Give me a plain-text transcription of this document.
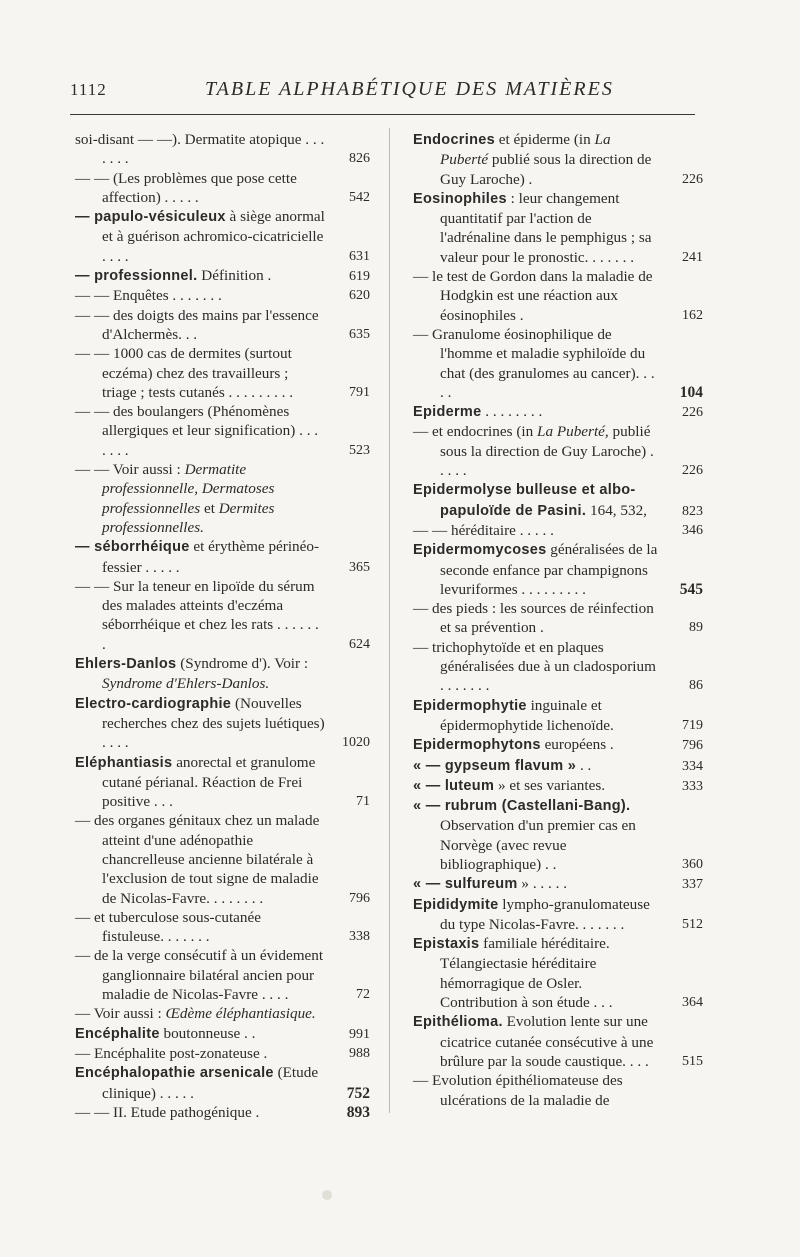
1112	TABLE ALPHABÉTIQUE DES MATIÈRES
soi-disant — —). Dermatite atopique . . . . . . .	826
— — (Les problèmes que pose cette affection) . . . . .	542
— papulo-vésiculeux à siège anormal et à guérison achromico-cicatricielle . . . .	631
— professionnel. Définition .	619
— — Enquêtes . . . . . . .	620
— — des doigts des mains par l'essence d'Alchermès. . .	635
— — 1000 cas de dermites (surtout eczéma) chez des travailleurs ; triage ; tests cutanés . . . . . . . . .	791
— — des boulangers (Phénomènes allergiques et leur signification) . . . . . . .	523
— — Voir aussi : Dermatite professionnelle, Dermatoses professionnelles et Dermites professionnelles.
— séborrhéique et érythème périnéo-fessier . . . . .	365
— — Sur la teneur en lipoïde du sérum des malades atteints d'eczéma séborrhéique et chez les rats . . . . . . .	624
Ehlers-Danlos (Syndrome d'). Voir : Syndrome d'Ehlers-Danlos.
Electro-cardiographie (Nouvelles recherches chez des sujets luétiques) . . . .	1020
Eléphantiasis anorectal et granulome cutané périanal. Réaction de Frei positive . . .	71
— des organes génitaux chez un malade atteint d'une adénopathie chancrelleuse ancienne bilatérale à l'exclusion de tout signe de maladie de Nicolas-Favre. . . . . . . .	796
— et tuberculose sous-cutanée fistuleuse. . . . . . .	338
— de la verge consécutif à un évidement ganglionnaire bilatéral ancien pour maladie de Nicolas-Favre . . . .	72
— Voir aussi : Œdème éléphantiasique.
Encéphalite boutonneuse . .	991
— Encéphalite post-zonateuse .	988
Encéphalopathie arsenicale (Etude clinique) . . . . .	752
— — II. Etude pathogénique .	893
Endocrines et épiderme (in La Puberté publié sous la direction de Guy Laroche) .	226
Eosinophiles : leur changement quantitatif par l'action de l'adrénaline dans le pemphigus ; sa valeur pour le pronostic. . . . . . .	241
— le test de Gordon dans la maladie de Hodgkin est une réaction aux éosinophiles .	162
— Granulome éosinophilique de l'homme et maladie syphiloïde du chat (des granulomes au cancer). . . . .	104
Epiderme . . . . . . . .	226
— et endocrines (in La Puberté, publié sous la direction de Guy Laroche) . . . . .	226
Epidermolyse bulleuse et albo-papuloïde de Pasini. 164, 532,	823
— — héréditaire . . . . .	346
Epidermomycoses généralisées de la seconde enfance par champignons levuriformes . . . . . . . . .	545
— des pieds : les sources de réinfection et sa prévention .	89
— trichophytoïde et en plaques généralisées due à un cladosporium . . . . . . .	86
Epidermophytie inguinale et épidermophytide lichenoïde.	719
Epidermophytons européens .	796
« — gypseum flavum » . .	334
« — luteum » et ses variantes.	333
« — rubrum (Castellani-Bang). Observation d'un premier cas en Norvège (avec revue bibliographique) . .	360
« — sulfureum » . . . . .	337
Epididymite lympho-granulomateuse du type Nicolas-Favre. . . . . . .	512
Epistaxis familiale héréditaire. Télangiectasie héréditaire hémorragique de Osler. Contribution à son étude . . .	364
Epithélioma. Evolution lente sur une cicatrice cutanée consécutive à une brûlure par la soude caustique. . . .	515
— Evolution épithéliomateuse des ulcérations de la maladie de
